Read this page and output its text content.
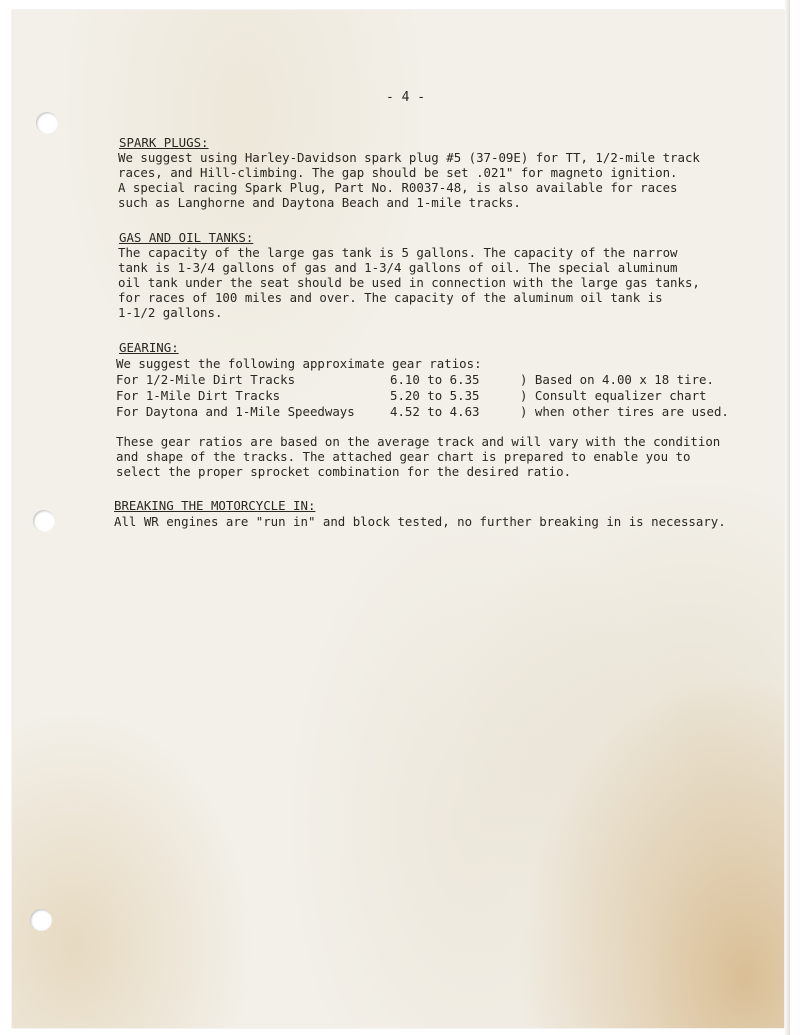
- 4 -
SPARK PLUGS:
We suggest using Harley-Davidson spark plug #5 (37-09E) for TT, 1/2-mile track
races, and Hill-climbing. The gap should be set .021" for magneto ignition.
A special racing Spark Plug, Part No. R0037-48, is also available for races
such as Langhorne and Daytona Beach and 1-mile tracks.
GAS AND OIL TANKS:
The capacity of the large gas tank is 5 gallons. The capacity of the narrow
tank is 1-3/4 gallons of gas and 1-3/4 gallons of oil. The special aluminum
oil tank under the seat should be used in connection with the large gas tanks,
for races of 100 miles and over. The capacity of the aluminum oil tank is
1-1/2 gallons.
GEARING:
We suggest the following approximate gear ratios:
For 1/2-Mile Dirt Tracks	6.10 to 6.35	) Based on 4.00 x 18 tire.
For 1-Mile Dirt Tracks	5.20 to 5.35	) Consult equalizer chart
For Daytona and 1-Mile Speedways	4.52 to 4.63	) when other tires are used.
These gear ratios are based on the average track and will vary with the condition
and shape of the tracks. The attached gear chart is prepared to enable you to
select the proper sprocket combination for the desired ratio.
BREAKING THE MOTORCYCLE IN:
All WR engines are "run in" and block tested, no further breaking in is necessary.
